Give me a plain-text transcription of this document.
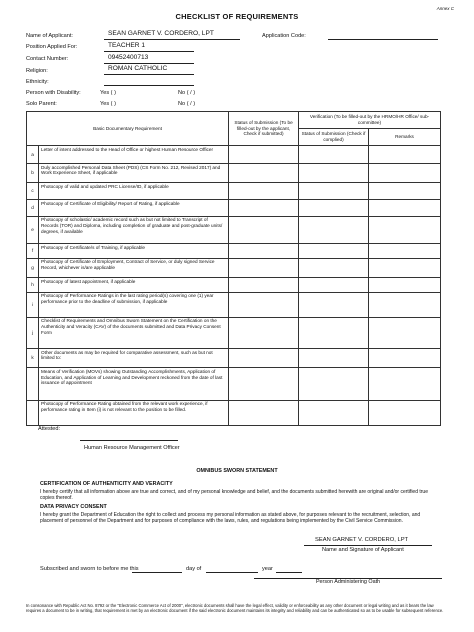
Annex C
CHECKLIST OF REQUIREMENTS
Name of Applicant:	SEAN GARNET V. CORDERO, LPT	Application Code:
Position Applied For:	TEACHER 1
Contact Number:	09452400713
Religion:	ROMAN CATHOLIC
Ethnicity:
Person with Disability:	Yes ( )	No ( / )
Solo Parent:	Yes ( )	No ( / )
Basic Documentary Requirement		Status of Submission (To be filled-out by the applicant, Check if submitted)	Verification (To be filled-out by the HRMO/HR Office/ sub-committee)	
			Status of Submission (Check if complied)	Remarks
a	Letter of intent addressed to the Head of Office or highest Human Resource Officer			
b	Duly accomplished Personal Data Sheet (PDS) (CS Form No. 212, Revised 2017) and Work Experience Sheet, if applicable			
c	Photocopy of valid and updated PRC License/ID, if applicable			
d	Photocopy of Certificate of Eligibility/ Report of Rating, if applicable			
e	Photocopy of scholastic/ academic record such as but not limited to Transcript of Records (TOR) and Diploma, including completion of graduate and post-graduate units/ degrees, if available			
f	Photocopy of Certificate/s of Training, if applicable			
g	Photocopy of Certificate of Employment, Contract of Service, or duly signed Service Record, whichever is/are applicable			
h	Photocopy of latest appointment, if applicable			
i	Photocopy of Performance Ratings in the last rating period(s) covering one (1) year performance prior to the deadline of submission, if applicable			
j	Checklist of Requirements and Omnibus Sworn Statement on the Certification on the Authenticity and Veracity (CAV) of the documents submitted and Data Privacy Consent Form			
k	Other documents as may be required for comparative assessment, such as but not limited to:			
	Means of Verification (MOVs) showing Outstanding Accomplishments, Application of Education, and Application of Learning and Development reckoned from the date of last issuance of appointment			
	Photocopy of Performance Rating obtained from the relevant work experience, if performance rating in Item (i) is not relevant to the position to be filled.			
Attested:
Human Resource Management Officer
OMNIBUS SWORN STATEMENT
CERTIFICATION OF AUTHENTICITY AND VERACITY
I hereby certify that all information above are true and correct, and of my personal knowledge and belief, and the documents submitted herewith are original and/or certified true copies thereof.
DATA PRIVACY CONSENT
I hereby grant the Department of Education the right to collect and process my personal information as stated above, for purposes relevant to the recruitment, selection, and placement of personnel of the Department and for purposes of compliance with the laws, rules, and regulations being implemented by the Civil Service Commission.
SEAN GARNET V. CORDERO, LPT
Name and Signature of Applicant
Subscribed and sworn to before me this	day of	year
Person Administering Oath
In consonance with Republic Act No. 8792 or the "Electronic Commerce Act of 2000", electronic documents shall have the legal effect, validity or enforceability as any other document or legal writing and as it bears the law requires a document to be in writing, that requirement is met by an electronic document if the said electronic document maintains its integrity and reliability and can be authenticated so as to be usable for subsequent reference.
